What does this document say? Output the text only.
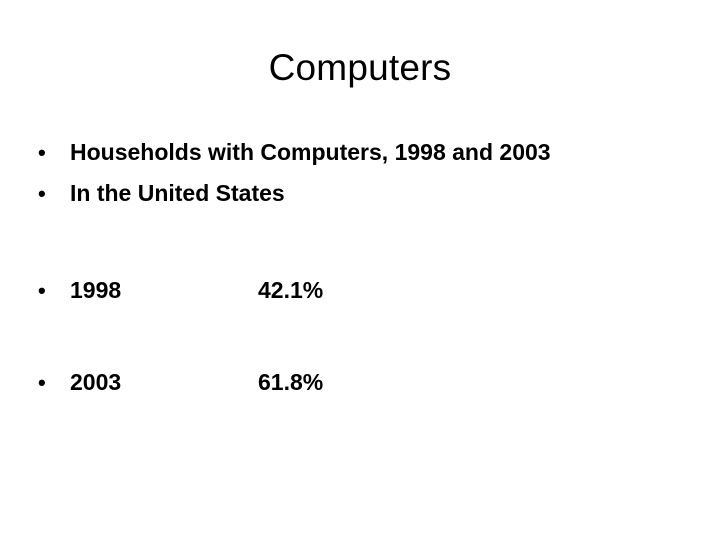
Computers
• Households with Computers, 1998 and 2003
• In the United States
• 1998	42.1%
• 2003	61.8%
